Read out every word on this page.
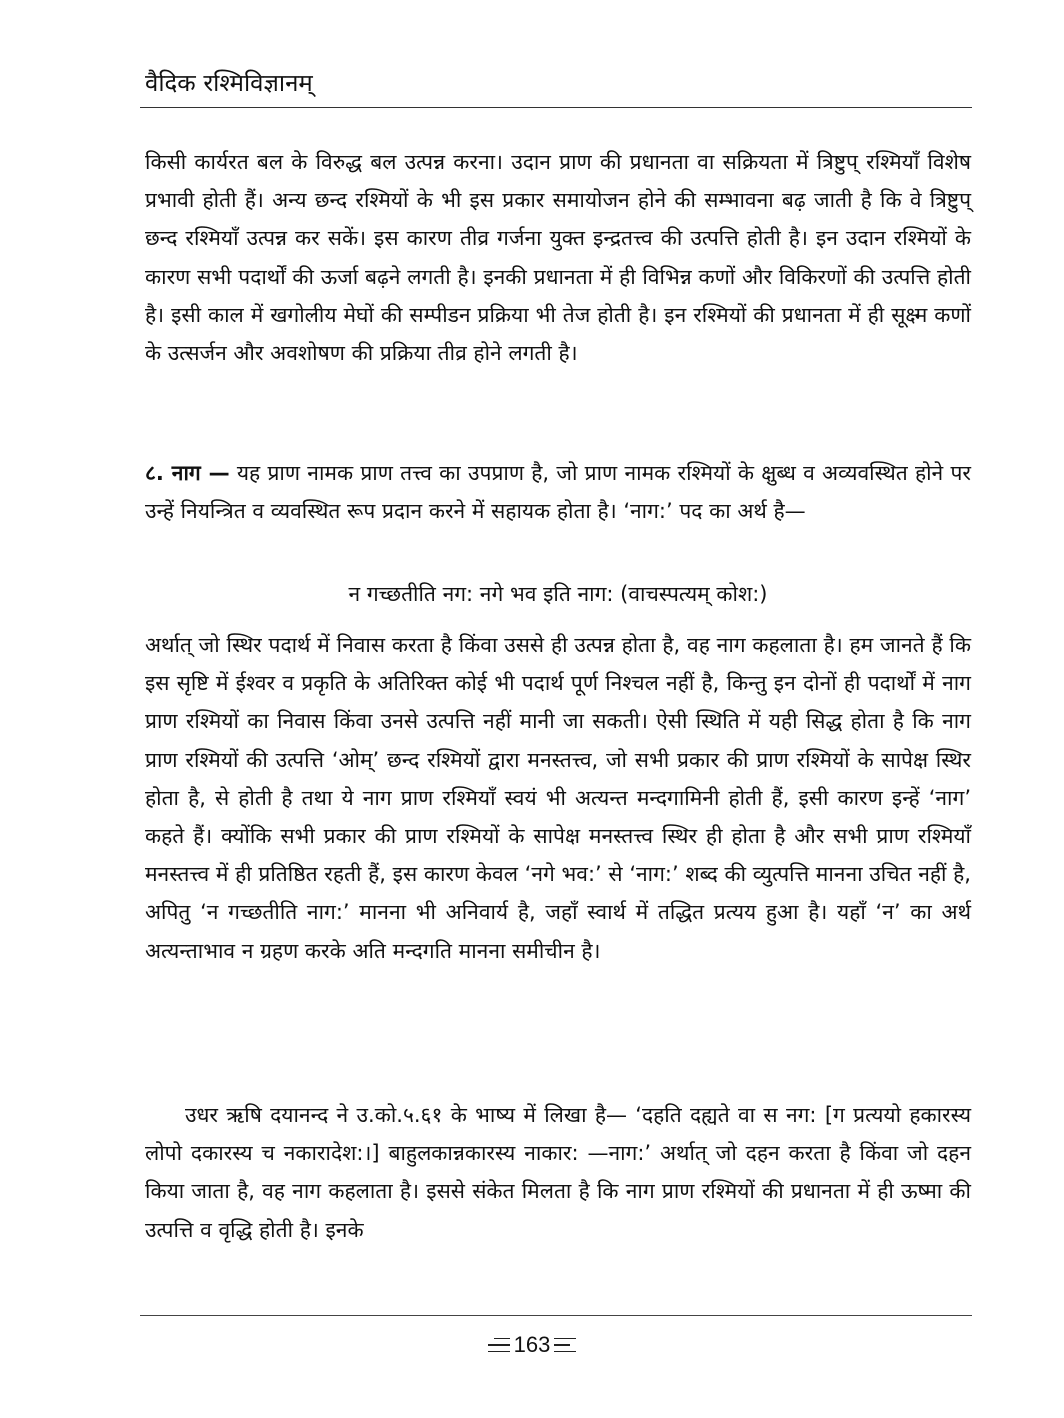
वैदिक रश्मिविज्ञानम्

किसी कार्यरत बल के विरुद्ध बल उत्पन्न करना। उदान प्राण की प्रधानता वा सक्रियता में त्रिष्टुप् रश्मियाँ विशेष प्रभावी होती हैं। अन्य छन्द रश्मियों के भी इस प्रकार समायोजन होने की सम्भावना बढ़ जाती है कि वे त्रिष्टुप् छन्द रश्मियाँ उत्पन्न कर सकें। इस कारण तीव्र गर्जना युक्त इन्द्रतत्त्व की उत्पत्ति होती है। इन उदान रश्मियों के कारण सभी पदार्थों की ऊर्जा बढ़ने लगती है। इनकी प्रधानता में ही विभिन्न कणों और विकिरणों की उत्पत्ति होती है। इसी काल में खगोलीय मेघों की सम्पीडन प्रक्रिया भी तेज होती है। इन रश्मियों की प्रधानता में ही सूक्ष्म कणों के उत्सर्जन और अवशोषण की प्रक्रिया तीव्र होने लगती है।

८. नाग — यह प्राण नामक प्राण तत्त्व का उपप्राण है, जो प्राण नामक रश्मियों के क्षुब्ध व अव्यवस्थित होने पर उन्हें नियन्त्रित व व्यवस्थित रूप प्रदान करने में सहायक होता है। ‘नाग:’ पद का अर्थ है—

न गच्छतीति नग: नगे भव इति नाग: (वाचस्पत्यम् कोश:)

अर्थात् जो स्थिर पदार्थ में निवास करता है किंवा उससे ही उत्पन्न होता है, वह नाग कहलाता है। हम जानते हैं कि इस सृष्टि में ईश्वर व प्रकृति के अतिरिक्त कोई भी पदार्थ पूर्ण निश्चल नहीं है, किन्तु इन दोनों ही पदार्थों में नाग प्राण रश्मियों का निवास किंवा उनसे उत्पत्ति नहीं मानी जा सकती। ऐसी स्थिति में यही सिद्ध होता है कि नाग प्राण रश्मियों की उत्पत्ति ‘ओम्’ छन्द रश्मियों द्वारा मनस्तत्त्व, जो सभी प्रकार की प्राण रश्मियों के सापेक्ष स्थिर होता है, से होती है तथा ये नाग प्राण रश्मियाँ स्वयं भी अत्यन्त मन्दगामिनी होती हैं, इसी कारण इन्हें ‘नाग’ कहते हैं। क्योंकि सभी प्रकार की प्राण रश्मियों के सापेक्ष मनस्तत्त्व स्थिर ही होता है और सभी प्राण रश्मियाँ मनस्तत्त्व में ही प्रतिष्ठित रहती हैं, इस कारण केवल ‘नगे भव:’ से ‘नाग:’ शब्द की व्युत्पत्ति मानना उचित नहीं है, अपितु ‘न गच्छतीति नाग:’ मानना भी अनिवार्य है, जहाँ स्वार्थ में तद्धित प्रत्यय हुआ है। यहाँ ‘न’ का अर्थ अत्यन्ताभाव न ग्रहण करके अति मन्दगति मानना समीचीन है।

उधर ऋषि दयानन्द ने उ.को.५.६१ के भाष्य में लिखा है— ‘दहति दह्यते वा स नग: [ग प्रत्ययो हकारस्य लोपो दकारस्य च नकारादेश:।] बाहुलकान्नकारस्य नाकार: —नाग:’ अर्थात् जो दहन करता है किंवा जो दहन किया जाता है, वह नाग कहलाता है। इससे संकेत मिलता है कि नाग प्राण रश्मियों की प्रधानता में ही ऊष्मा की उत्पत्ति व वृद्धि होती है। इनके

163
